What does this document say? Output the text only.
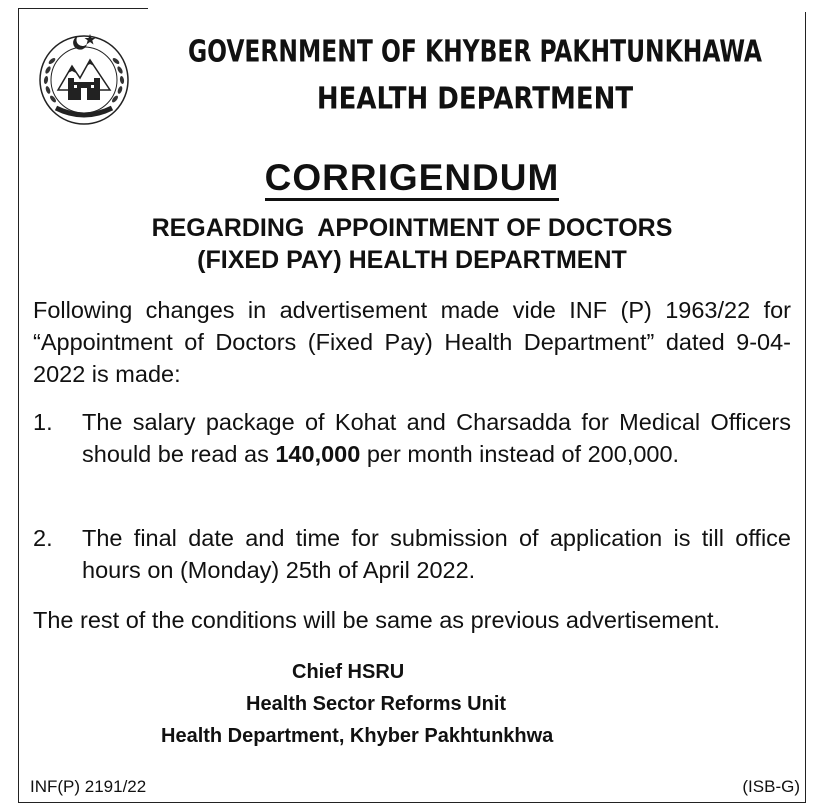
GOVERNMENT OF KHYBER PAKHTUNKHAWA
HEALTH DEPARTMENT
CORRIGENDUM
REGARDING  APPOINTMENT OF DOCTORS
(FIXED PAY) HEALTH DEPARTMENT
Following changes in advertisement made vide INF (P) 1963/22 for “Appointment of Doctors (Fixed Pay) Health Department” dated 9-04-2022 is made:
1.	The salary package of Kohat and Charsadda for Medical Officers should be read as 140,000 per month instead of 200,000.
2.	The final date and time for submission of application is till office hours on (Monday) 25th of April 2022.
The rest of the conditions will be same as previous advertisement.
Chief HSRU
Health Sector Reforms Unit
Health Department, Khyber Pakhtunkhwa
INF(P) 2191/22	(ISB-G)
